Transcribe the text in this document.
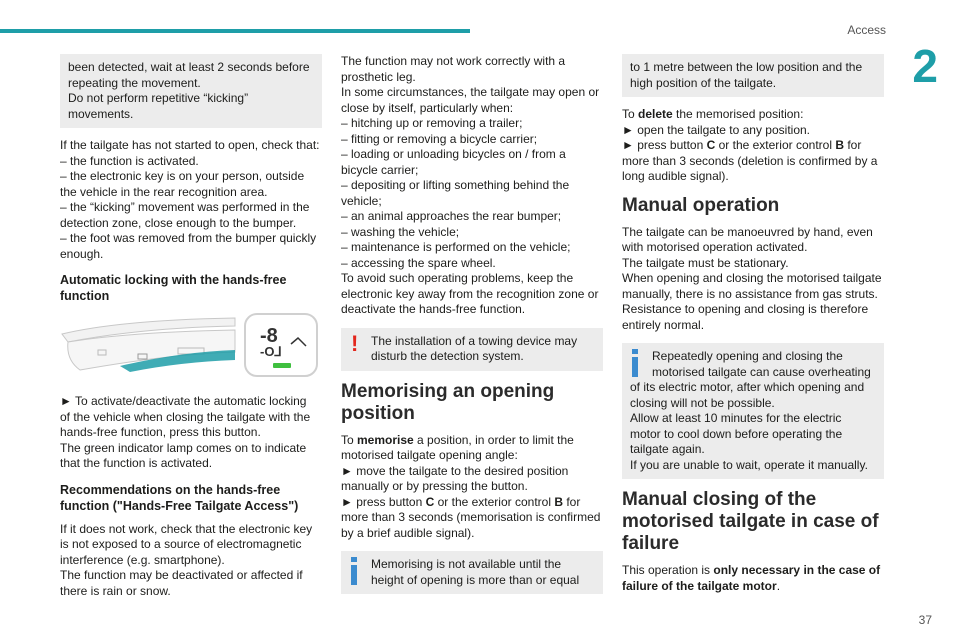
Access
2
37
been detected, wait at least 2 seconds before
repeating the movement.
Do not perform repetitive “kicking”
movements.
If the tailgate has not started to open, check that:
– the function is activated.
– the electronic key is on your person, outside
the vehicle in the rear recognition area.
– the “kicking” movement was performed in the
detection zone, close enough to the bumper.
– the foot was removed from the bumper quickly
enough.
Automatic locking with the hands-free
function
-8
-O⅃
► To activate/deactivate the automatic locking
of the vehicle when closing the tailgate with the
hands-free function, press this button.
The green indicator lamp comes on to indicate
that the function is activated.
Recommendations on the hands-free
function ("Hands-Free Tailgate Access")
If it does not work, check that the electronic key
is not exposed to a source of electromagnetic
interference (e.g. smartphone).
The function may be deactivated or affected if
there is rain or snow.
The function may not work correctly with a
prosthetic leg.
In some circumstances, the tailgate may open or
close by itself, particularly when:
– hitching up or removing a trailer;
– fitting or removing a bicycle carrier;
– loading or unloading bicycles on / from a
bicycle carrier;
– depositing or lifting something behind the
vehicle;
– an animal approaches the rear bumper;
– washing the vehicle;
– maintenance is performed on the vehicle;
– accessing the spare wheel.
To avoid such operating problems, keep the
electronic key away from the recognition zone or
deactivate the hands-free function.
! The installation of a towing device may
disturb the detection system.
Memorising an opening
position
To memorise a position, in order to limit the
motorised tailgate opening angle:
► move the tailgate to the desired position
manually or by pressing the button.
► press button C or the exterior control B for
more than 3 seconds (memorisation is confirmed
by a brief audible signal).
Memorising is not available until the
height of opening is more than or equal
to 1 metre between the low position and the
high position of the tailgate.
To delete the memorised position:
► open the tailgate to any position.
► press button C or the exterior control B for
more than 3 seconds (deletion is confirmed by a
long audible signal).
Manual operation
The tailgate can be manoeuvred by hand, even
with motorised operation activated.
The tailgate must be stationary.
When opening and closing the motorised tailgate
manually, there is no assistance from gas struts.
Resistance to opening and closing is therefore
entirely normal.
Repeatedly opening and closing the
motorised tailgate can cause overheating
of its electric motor, after which opening and
closing will not be possible.
Allow at least 10 minutes for the electric
motor to cool down before operating the
tailgate again.
If you are unable to wait, operate it manually.
Manual closing of the
motorised tailgate in case of
failure
This operation is only necessary in the case of
failure of the tailgate motor.
